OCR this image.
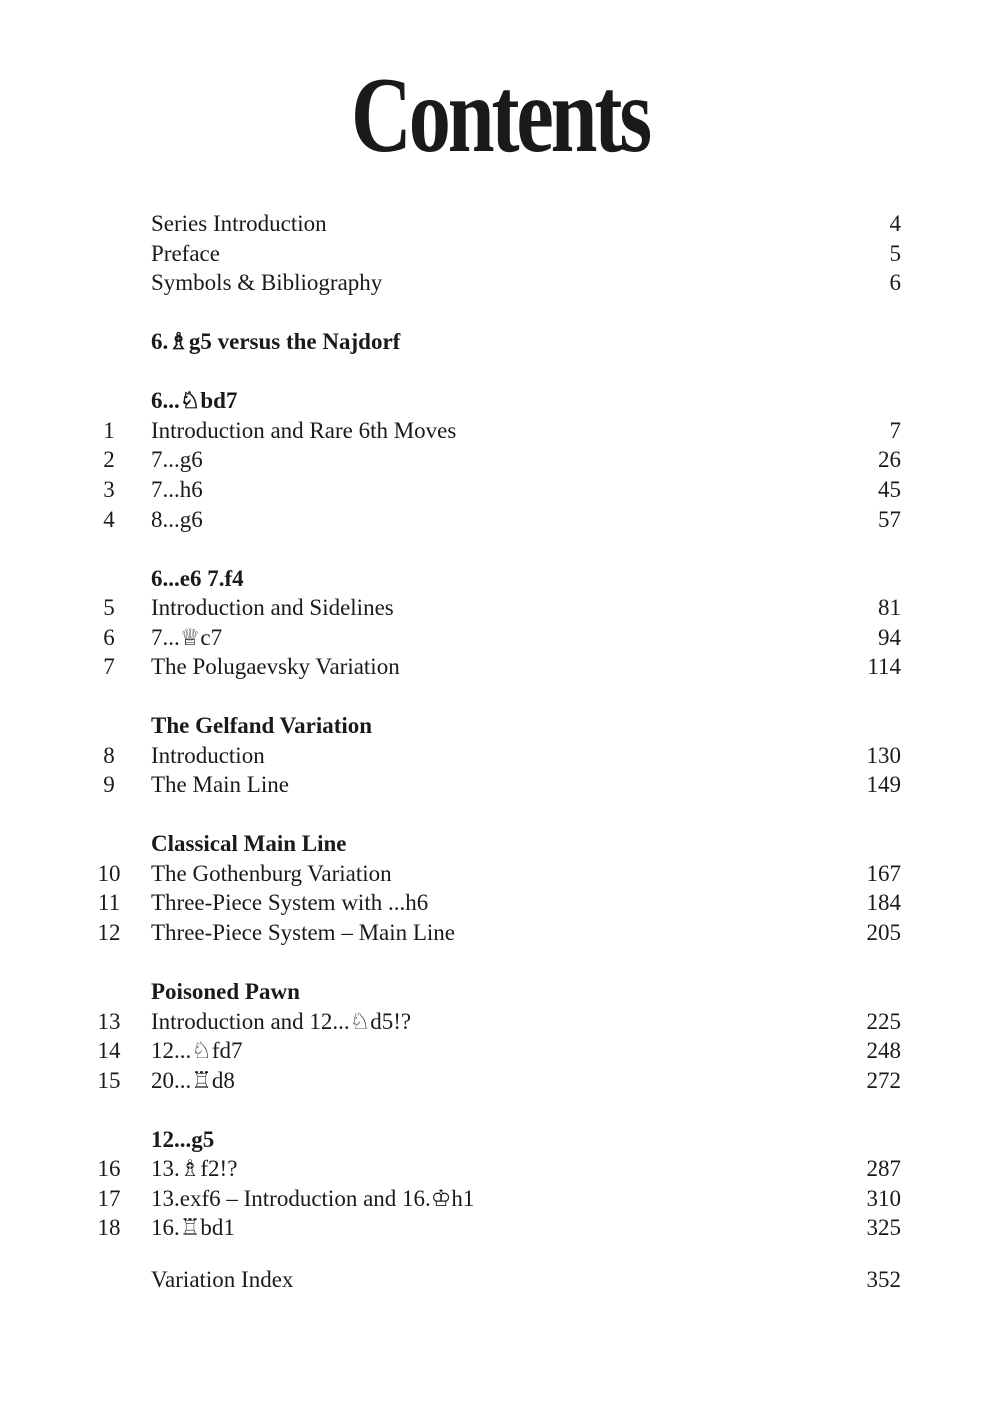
Contents
Series Introduction	4
Preface	5
Symbols & Bibliography	6
6.♗g5 versus the Najdorf
6...♘bd7
1	Introduction and Rare 6th Moves	7
2	7...g6	26
3	7...h6	45
4	8...g6	57
6...e6 7.f4
5	Introduction and Sidelines	81
6	7...♕c7	94
7	The Polugaevsky Variation	114
The Gelfand Variation
8	Introduction	130
9	The Main Line	149
Classical Main Line
10	The Gothenburg Variation	167
11	Three-Piece System with ...h6	184
12	Three-Piece System – Main Line	205
Poisoned Pawn
13	Introduction and 12...♘d5!?	225
14	12...♘fd7	248
15	20...♖d8	272
12...g5
16	13.♗f2!?	287
17	13.exf6 – Introduction and 16.♔h1	310
18	16.♖bd1	325
Variation Index	352
